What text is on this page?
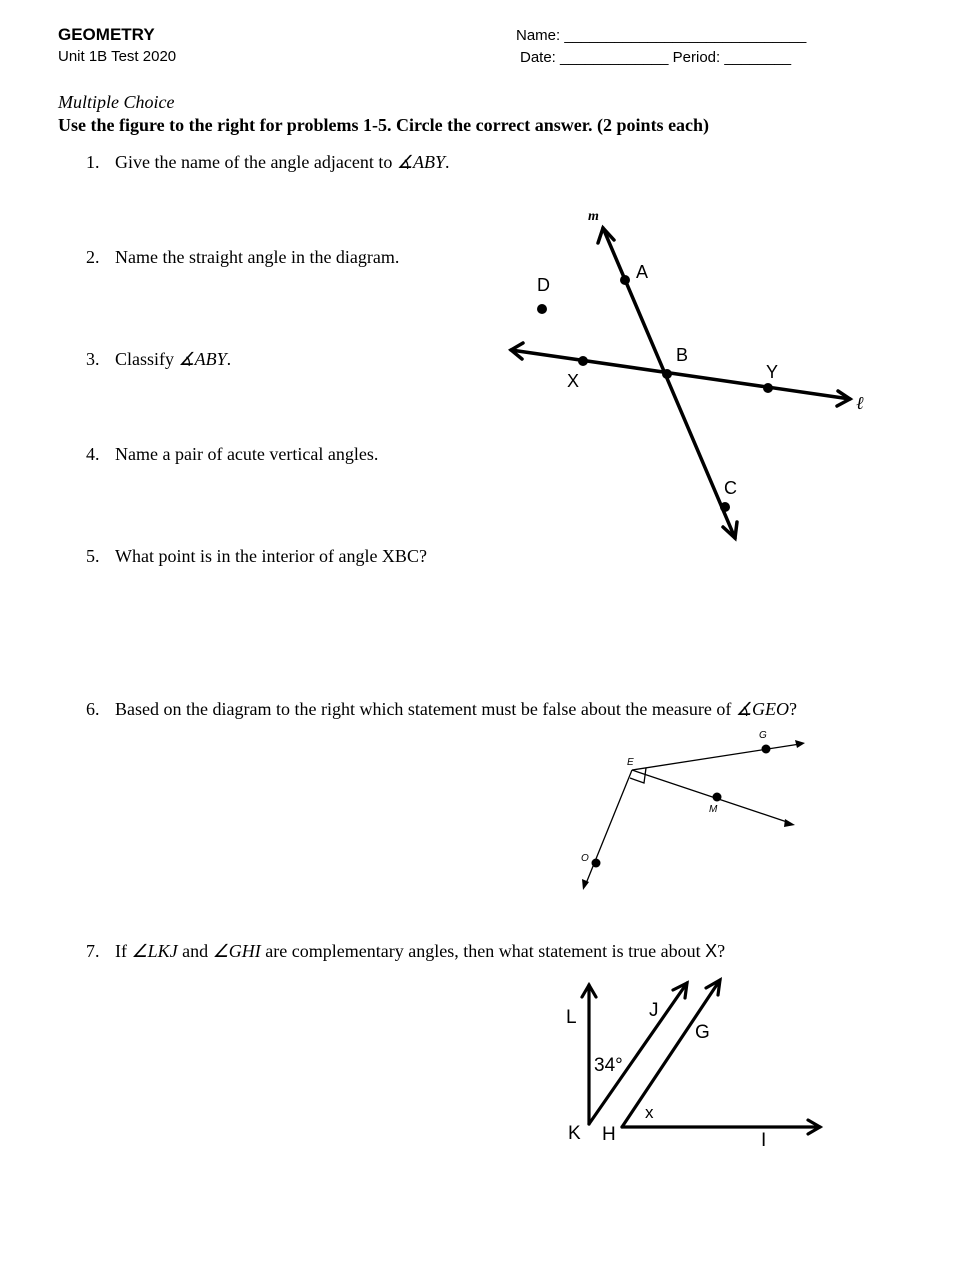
GEOMETRY
Unit 1B Test 2020
Name: _____________________________
Date: _____________ Period: ________
Multiple Choice
Use the figure to the right for problems 1-5. Circle the correct answer. (2 points each)
1. Give the name of the angle adjacent to ∡ABY.
2. Name the straight angle in the diagram.
3. Classify ∡ABY.
4. Name a pair of acute vertical angles.
5. What point is in the interior of angle XBC?
6. Based on the diagram to the right which statement must be false about the measure of ∡GEO?
7. If ∠LKJ and ∠GHI are complementary angles, then what statement is true about X?
m
ℓ
A
D
B
X	Y
C
G
E
M
O
L	J
G
34°
x
K H	I
